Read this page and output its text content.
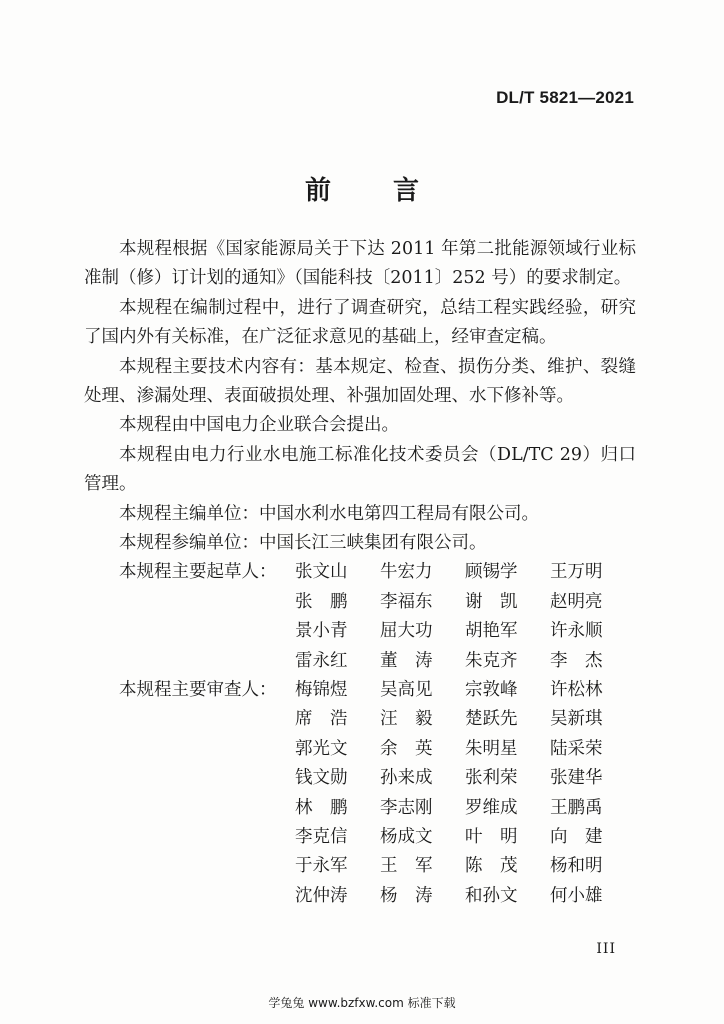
DL/T 5821—2021
前 言

本规程根据《国家能源局关于下达 2011 年第二批能源领域行业标准制（修）订计划的通知》（国能科技〔2011〕252 号）的要求制定。

本规程在编制过程中，进行了调查研究，总结工程实践经验，研究了国内外有关标准，在广泛征求意见的基础上，经审查定稿。

本规程主要技术内容有：基本规定、检查、损伤分类、维护、裂缝处理、渗漏处理、表面破损处理、补强加固处理、水下修补等。

本规程由中国电力企业联合会提出。

本规程由电力行业水电施工标准化技术委员会（DL/TC 29）归口管理。

本规程主编单位：中国水利水电第四工程局有限公司。

本规程参编单位：中国长江三峡集团有限公司。

本规程主要起草人：	张文山	牛宏力	顾锡学	王万明
张　鹏	李福东	谢　凯	赵明亮
景小青	屈大功	胡艳军	许永顺
雷永红	董　涛	朱克齐	李　杰
本规程主要审查人：	梅锦煜	吴高见	宗敦峰	许松林
席　浩	汪　毅	楚跃先	吴新琪
郭光文	余　英	朱明星	陆采荣
钱文勋	孙来成	张利荣	张建华
林　鹏	李志刚	罗维成	王鹏禹
李克信	杨成文	叶　明	向　建
于永军	王　军	陈　茂	杨和明
沈仲涛	杨　涛	和孙文	何小雄
III
学兔兔 www.bzfxw.com 标准下载
